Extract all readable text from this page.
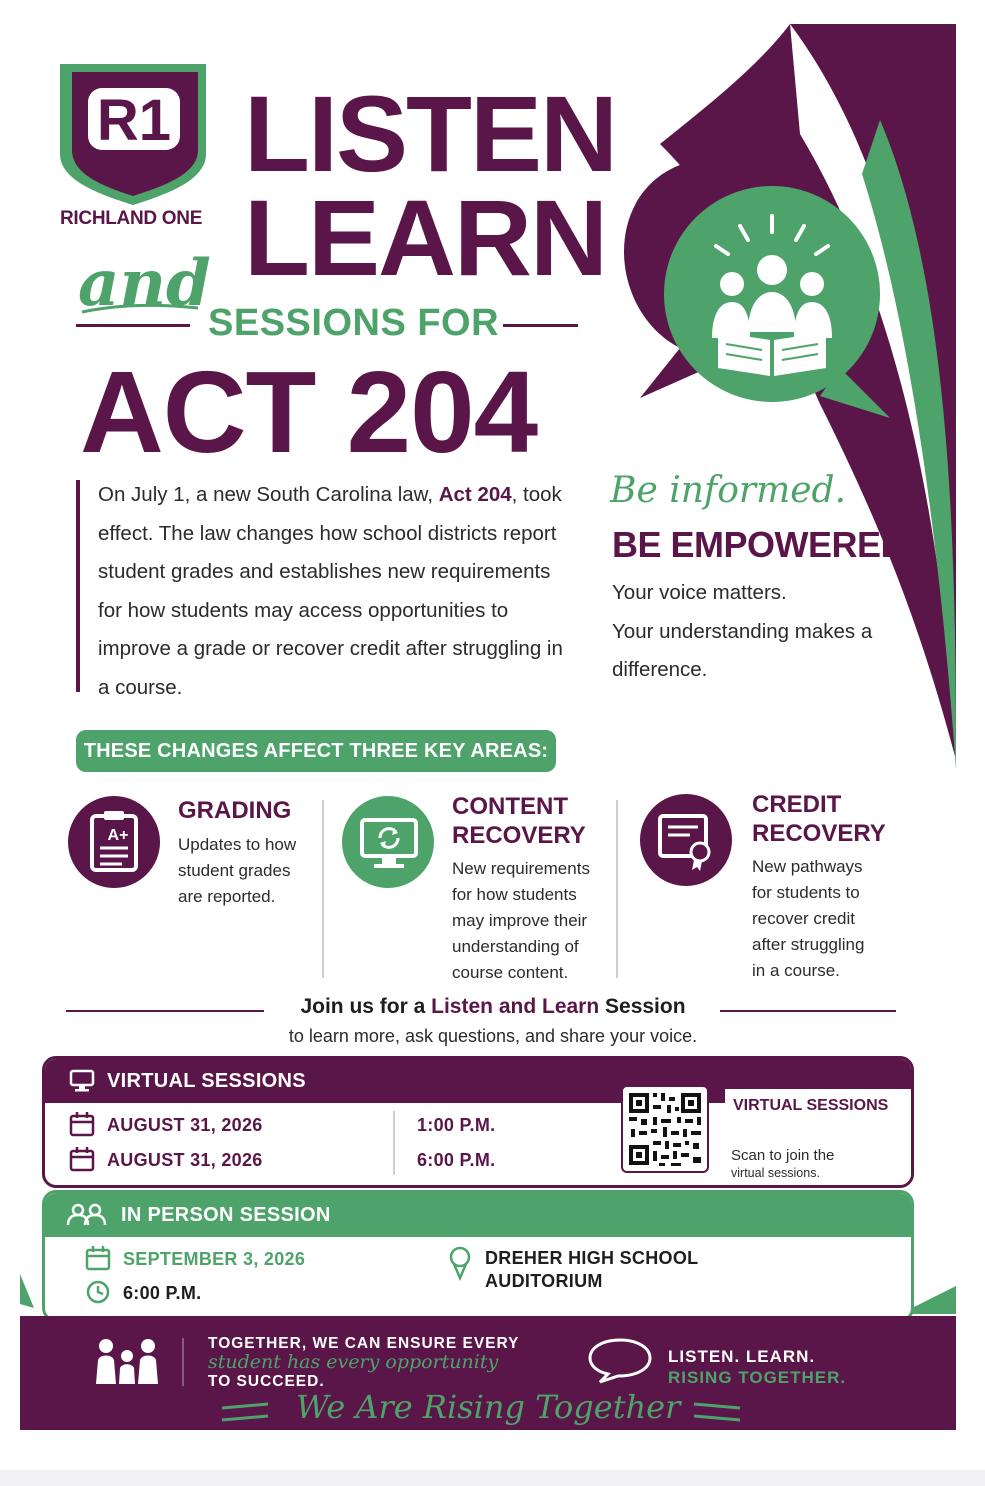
R1
RICHLAND ONE
and
LISTEN
LEARN
SESSIONS FOR
ACT 204
On July 1, a new South Carolina law, Act 204, took effect. The law changes how school districts report student grades and establishes new requirements for how students may access opportunities to improve a grade or recover credit after struggling in a course.
Be informed.
BE EMPOWERED.
Your voice matters.
Your understanding makes a difference.
THESE CHANGES AFFECT THREE KEY AREAS:
A+
GRADING
Updates to how student grades are reported.
CONTENT
RECOVERY
New requirements for how students may improve their understanding of course content.
CREDIT
RECOVERY
New pathways for students to recover credit after struggling in a course.
Join us for a Listen and Learn Session
to learn more, ask questions, and share your voice.
VIRTUAL SESSIONS
AUGUST 31, 2026	1:00 P.M.
AUGUST 31, 2026	6:00 P.M.
VIRTUAL SESSIONS
Scan to join the
virtual sessions.
IN PERSON SESSION
SEPTEMBER 3, 2026
6:00 P.M.
DREHER HIGH SCHOOL
AUDITORIUM
TOGETHER, WE CAN ENSURE EVERY
student has every opportunity
TO SUCCEED.
LISTEN. LEARN.
RISING TOGETHER.
We Are Rising Together
